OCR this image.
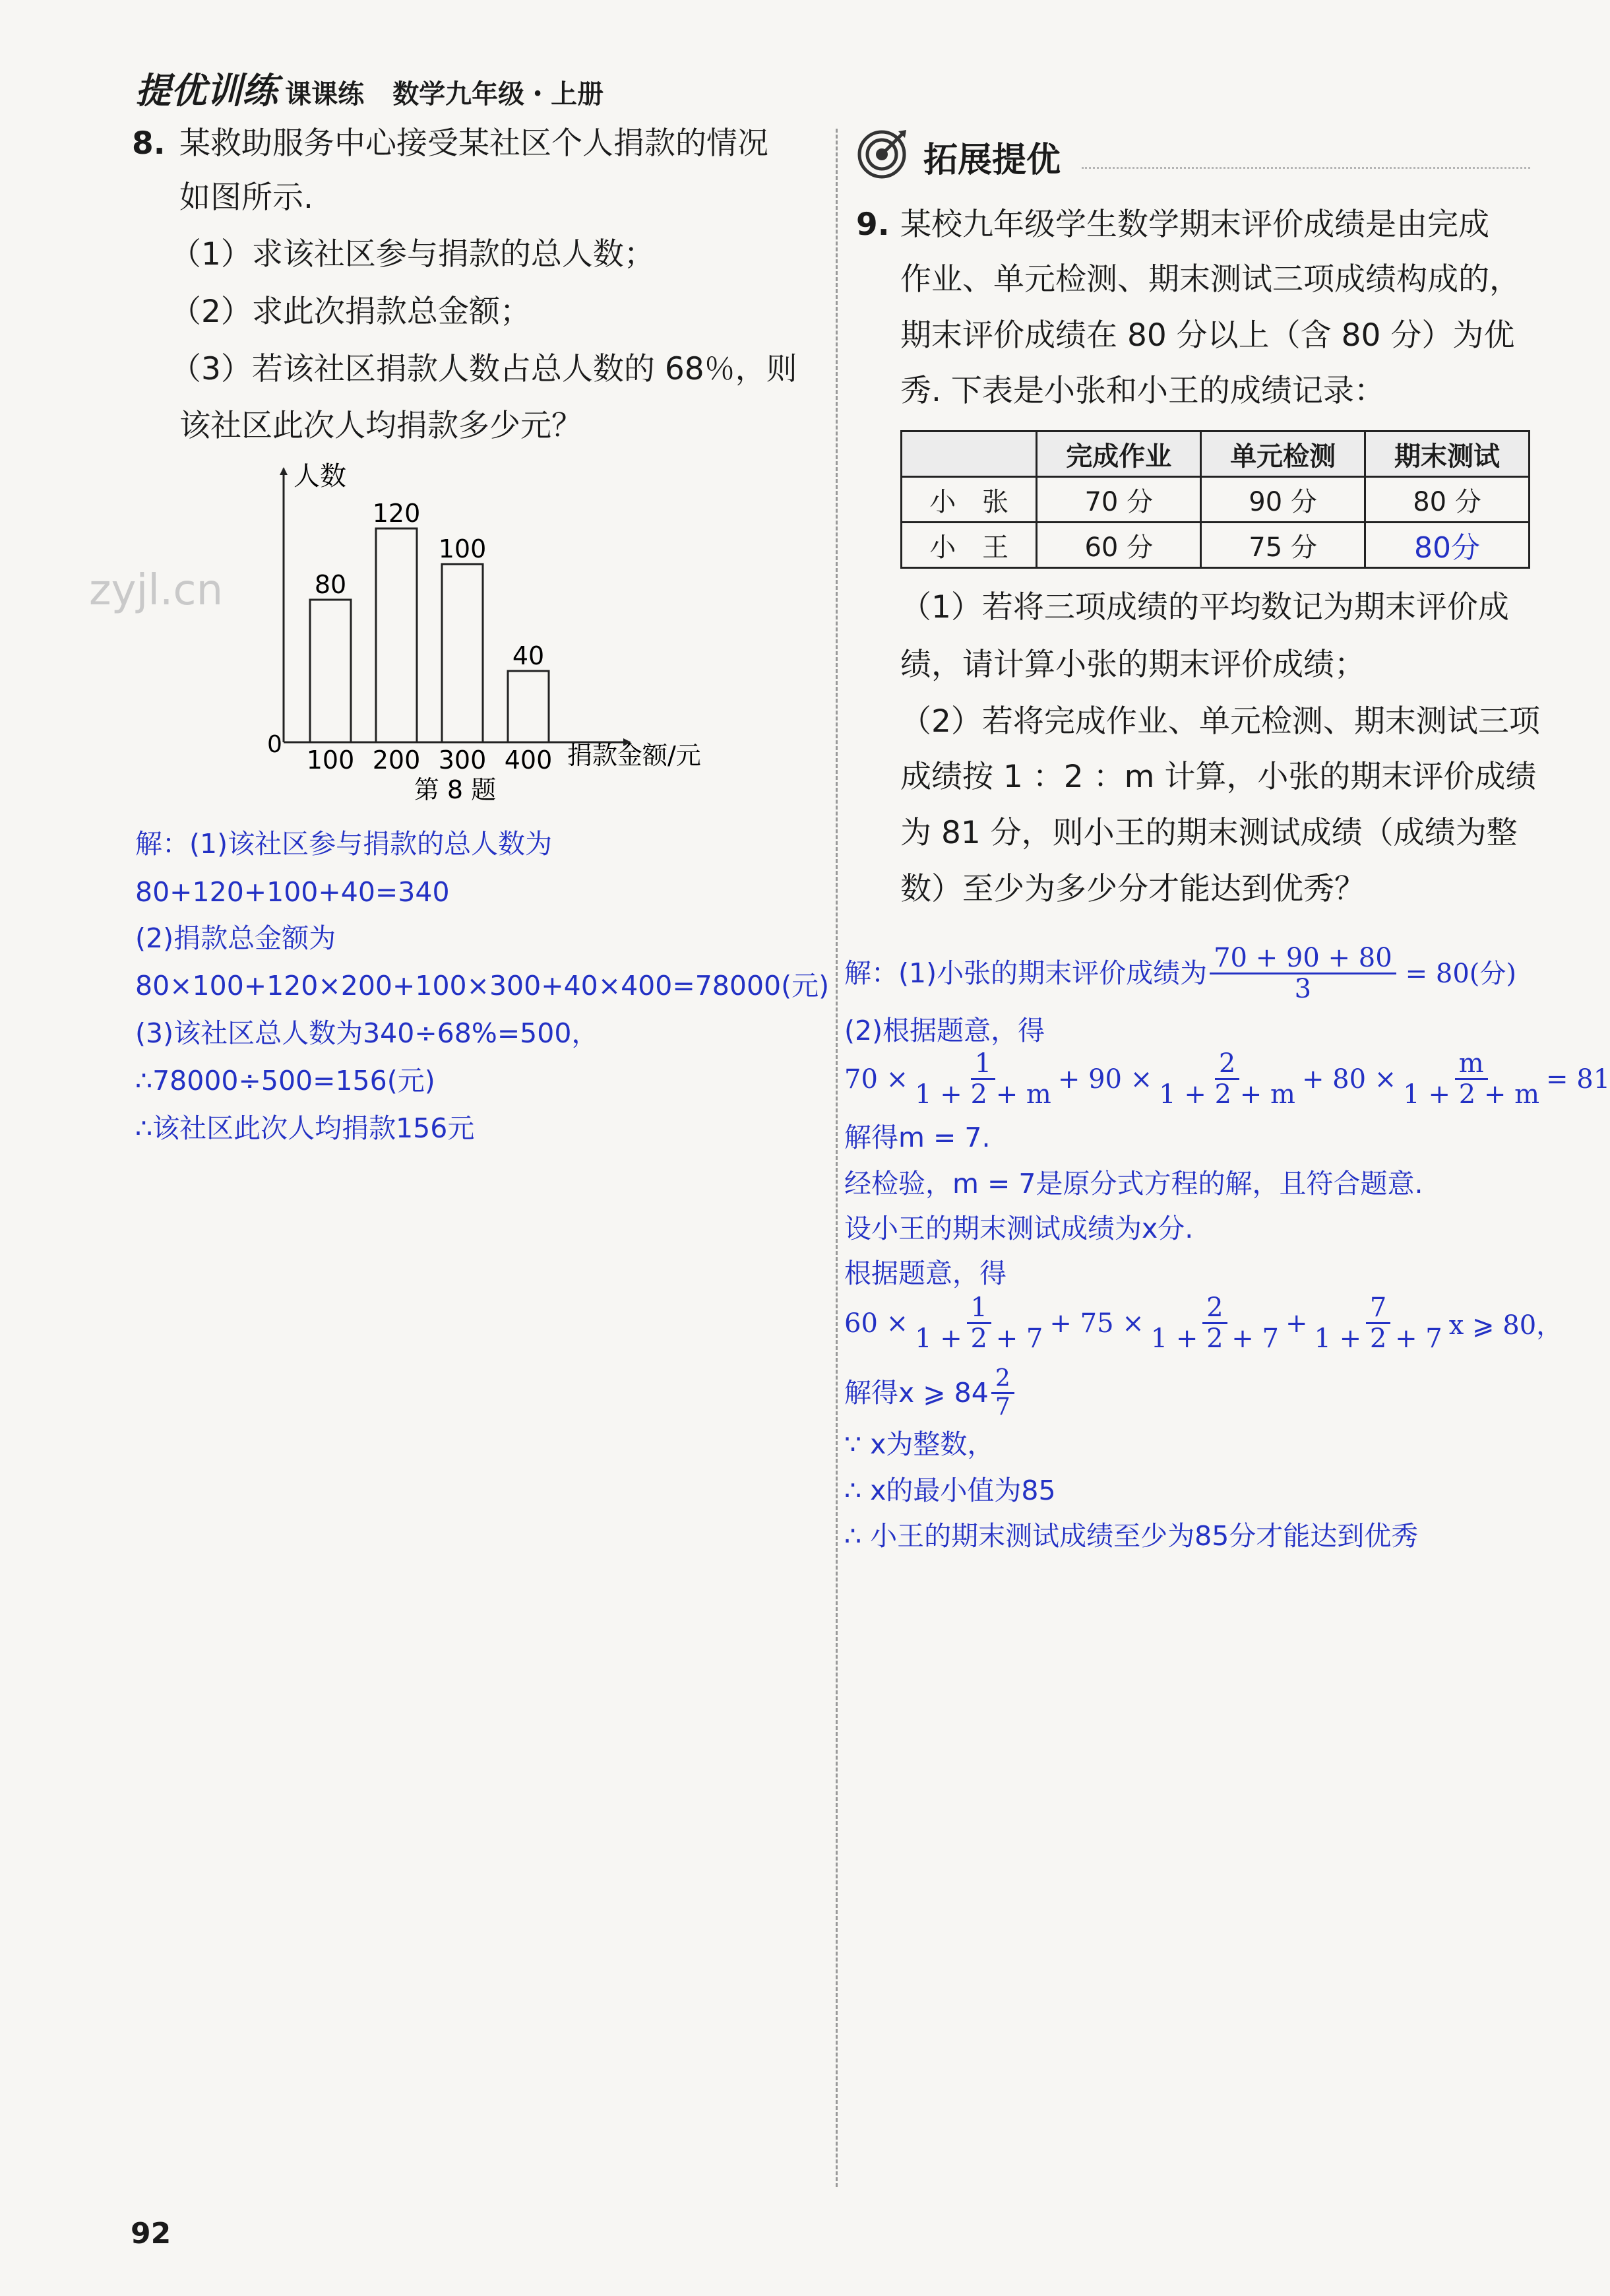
提优训练 课课练 数学九年级・上册
8. 某救助服务中心接受某社区个人捐款的情况
如图所示.
（1）求该社区参与捐款的总人数；
（2）求此次捐款总金额；
（3）若该社区捐款人数占总人数的 68％，则
该社区此次人均捐款多少元？
人数
0	捐款金额/元
80
100
120
200
100
300
40
400
第 8 题
解：(1)该社区参与捐款的总人数为
80+120+100+40=340
(2)捐款总金额为
80×100+120×200+100×300+40×400=78000(元)
(3)该社区总人数为340÷68%=500，
∴78000÷500=156(元)
∴该社区此次人均捐款156元
zyjl.cn
拓展提优
9. 某校九年级学生数学期末评价成绩是由完成
作业、单元检测、期末测试三项成绩构成的，
期末评价成绩在 80 分以上（含 80 分）为优
秀. 下表是小张和小王的成绩记录：
	完成作业	单元检测	期末测试
小　张	70 分	90 分	80 分
小　王	60 分	75 分	80分
（1）若将三项成绩的平均数记为期末评价成
绩，请计算小张的期末评价成绩；
（2）若将完成作业、单元检测、期末测试三项
成绩按 1 ：2 ：m 计算，小张的期末评价成绩
为 81 分，则小王的期末测试成绩（成绩为整
数）至少为多少分才能达到优秀？
解：(1)小张的期末评价成绩为 $\frac{70 + 90 + 80}{3} = 80$(分)
(2)根据题意，得
$70 \times \frac{1}{1 + 2 + m} + 90 \times \frac{2}{1 + 2 + m} + 80 \times \frac{m}{1 + 2 + m} = 81$
解得m = 7.
经检验，m = 7是原分式方程的解，且符合题意.
设小王的期末测试成绩为x分.
根据题意，得
$60 \times \frac{1}{1 + 2 + 7} + 75 \times \frac{2}{1 + 2 + 7} + \frac{7}{1 + 2 + 7}$ x ⩾ 80，
解得x ⩾ $84 \frac{2}{7}$
∵ x为整数，
∴ x的最小值为85
∴ 小王的期末测试成绩至少为85分才能达到优秀
92
